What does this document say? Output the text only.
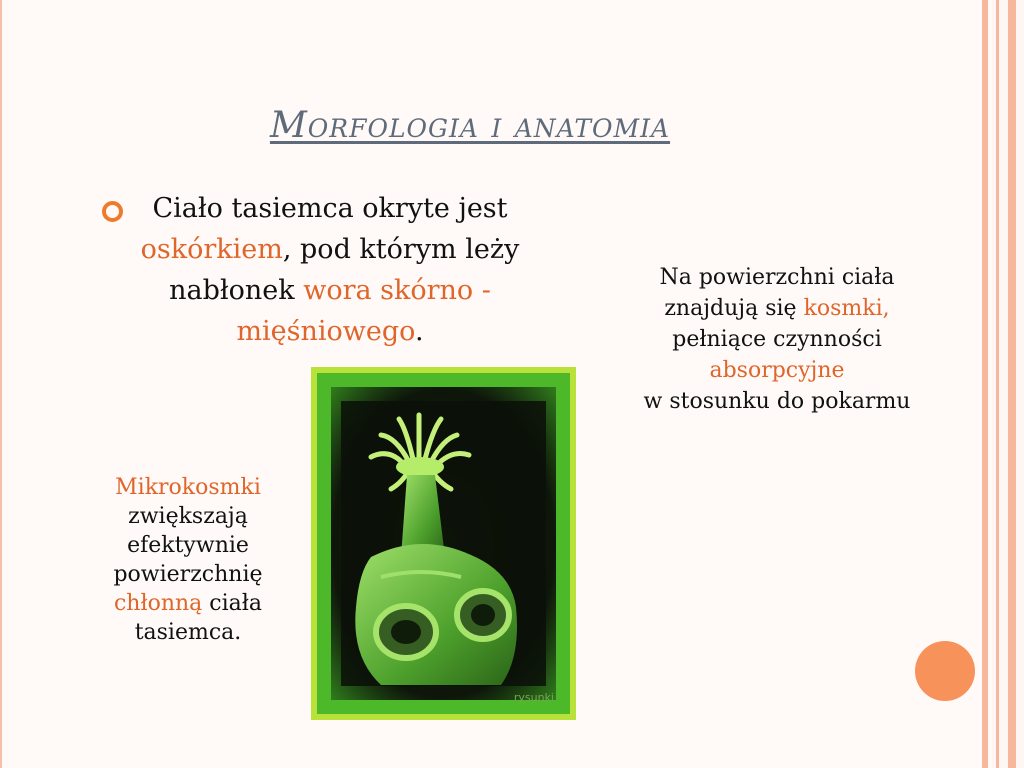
Morfologia i anatomia
Ciało tasiemca okryte jest oskórkiem, pod którym leży nabłonek wora skórno - mięśniowego.
Na powierzchni ciała znajdują się kosmki, pełniące czynności
absorpcyjne
w stosunku do pokarmu
Mikrokosmki zwiększają efektywnie powierzchnię chłonną ciała tasiemca.
rysunki
